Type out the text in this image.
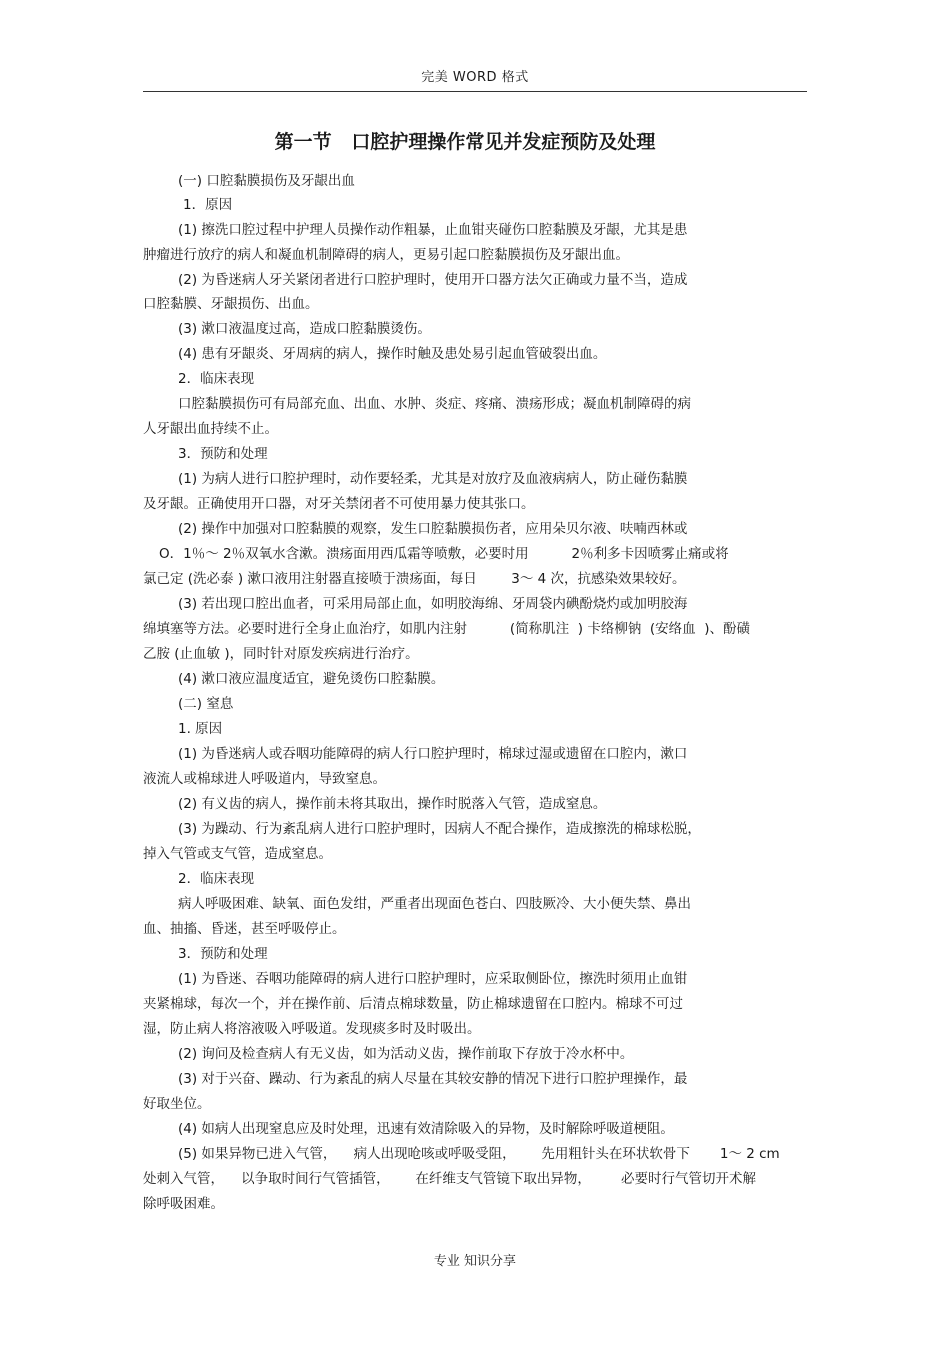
完美 WORD 格式
第一节   口腔护理操作常见并发症预防及处理
(一) 口腔黏膜损伤及牙龈出血
1．原因
(1) 擦洗口腔过程中护理人员操作动作粗暴，止血钳夹碰伤口腔黏膜及牙龈，尤其是患
肿瘤进行放疗的病人和凝血机制障碍的病人，更易引起口腔黏膜损伤及牙龈出血。
(2) 为昏迷病人牙关紧闭者进行口腔护理时，使用开口器方法欠正确或力量不当，造成
口腔黏膜、牙龈损伤、出血。
(3) 漱口液温度过高，造成口腔黏膜烫伤。
(4) 患有牙龈炎、牙周病的病人，操作时触及患处易引起血管破裂出血。
2．临床表现
口腔黏膜损伤可有局部充血、出血、水肿、炎症、疼痛、溃疡形成；凝血机制障碍的病
人牙龈出血持续不止。
3．预防和处理
(1) 为病人进行口腔护理时，动作要轻柔，尤其是对放疗及血液病病人，防止碰伤黏膜
及牙龈。正确使用开口器，对牙关禁闭者不可使用暴力使其张口。
(2) 操作中加强对口腔黏膜的观察，发生口腔黏膜损伤者，应用朵贝尔液、呋喃西林或
O．1％～ 2％双氧水含漱。溃疡面用西瓜霜等喷敷，必要时用          2％利多卡因喷雾止痛或将
氯己定 (洗必泰 ) 漱口液用注射器直接喷于溃疡面，每日        3～ 4 次，抗感染效果较好。
(3) 若出现口腔出血者，可采用局部止血，如明胶海绵、牙周袋内碘酚烧灼或加明胶海
绵填塞等方法。必要时进行全身止血治疗，如肌内注射          (简称肌注  ) 卡络柳钠  (安络血  )、酚磺
乙胺 (止血敏 )，同时针对原发疾病进行治疗。
(4) 漱口液应温度适宜，避免烫伤口腔黏膜。
(二) 窒息
1. 原因
(1) 为昏迷病人或吞咽功能障碍的病人行口腔护理时，棉球过湿或遗留在口腔内，漱口
液流人或棉球进人呼吸道内，导致窒息。
(2) 有义齿的病人，操作前未将其取出，操作时脱落入气管，造成窒息。
(3) 为躁动、行为紊乱病人进行口腔护理时，因病人不配合操作，造成擦洗的棉球松脱，
掉入气管或支气管，造成窒息。
2．临床表现
病人呼吸困难、缺氧、面色发绀，严重者出现面色苍白、四肢厥冷、大小便失禁、鼻出
血、抽搐、昏迷，甚至呼吸停止。
3．预防和处理
(1) 为昏迷、吞咽功能障碍的病人进行口腔护理时，应采取侧卧位，擦洗时须用止血钳
夹紧棉球，每次一个，并在操作前、后清点棉球数量，防止棉球遗留在口腔内。棉球不可过
湿，防止病人将溶液吸入呼吸道。发现痰多时及时吸出。
(2) 询问及检查病人有无义齿，如为活动义齿，操作前取下存放于冷水杯中。
(3) 对于兴奋、躁动、行为紊乱的病人尽量在其较安静的情况下进行口腔护理操作，最
好取坐位。
(4) 如病人出现窒息应及时处理，迅速有效清除吸入的异物，及时解除呼吸道梗阻。
(5) 如果异物已进入气管，    病人出现呛咳或呼吸受阻，      先用粗针头在环状软骨下       1～ 2 cm
处刺入气管，    以争取时间行气管插管，      在纤维支气管镜下取出异物，       必要时行气管切开术解
除呼吸困难。
专业 知识分享
